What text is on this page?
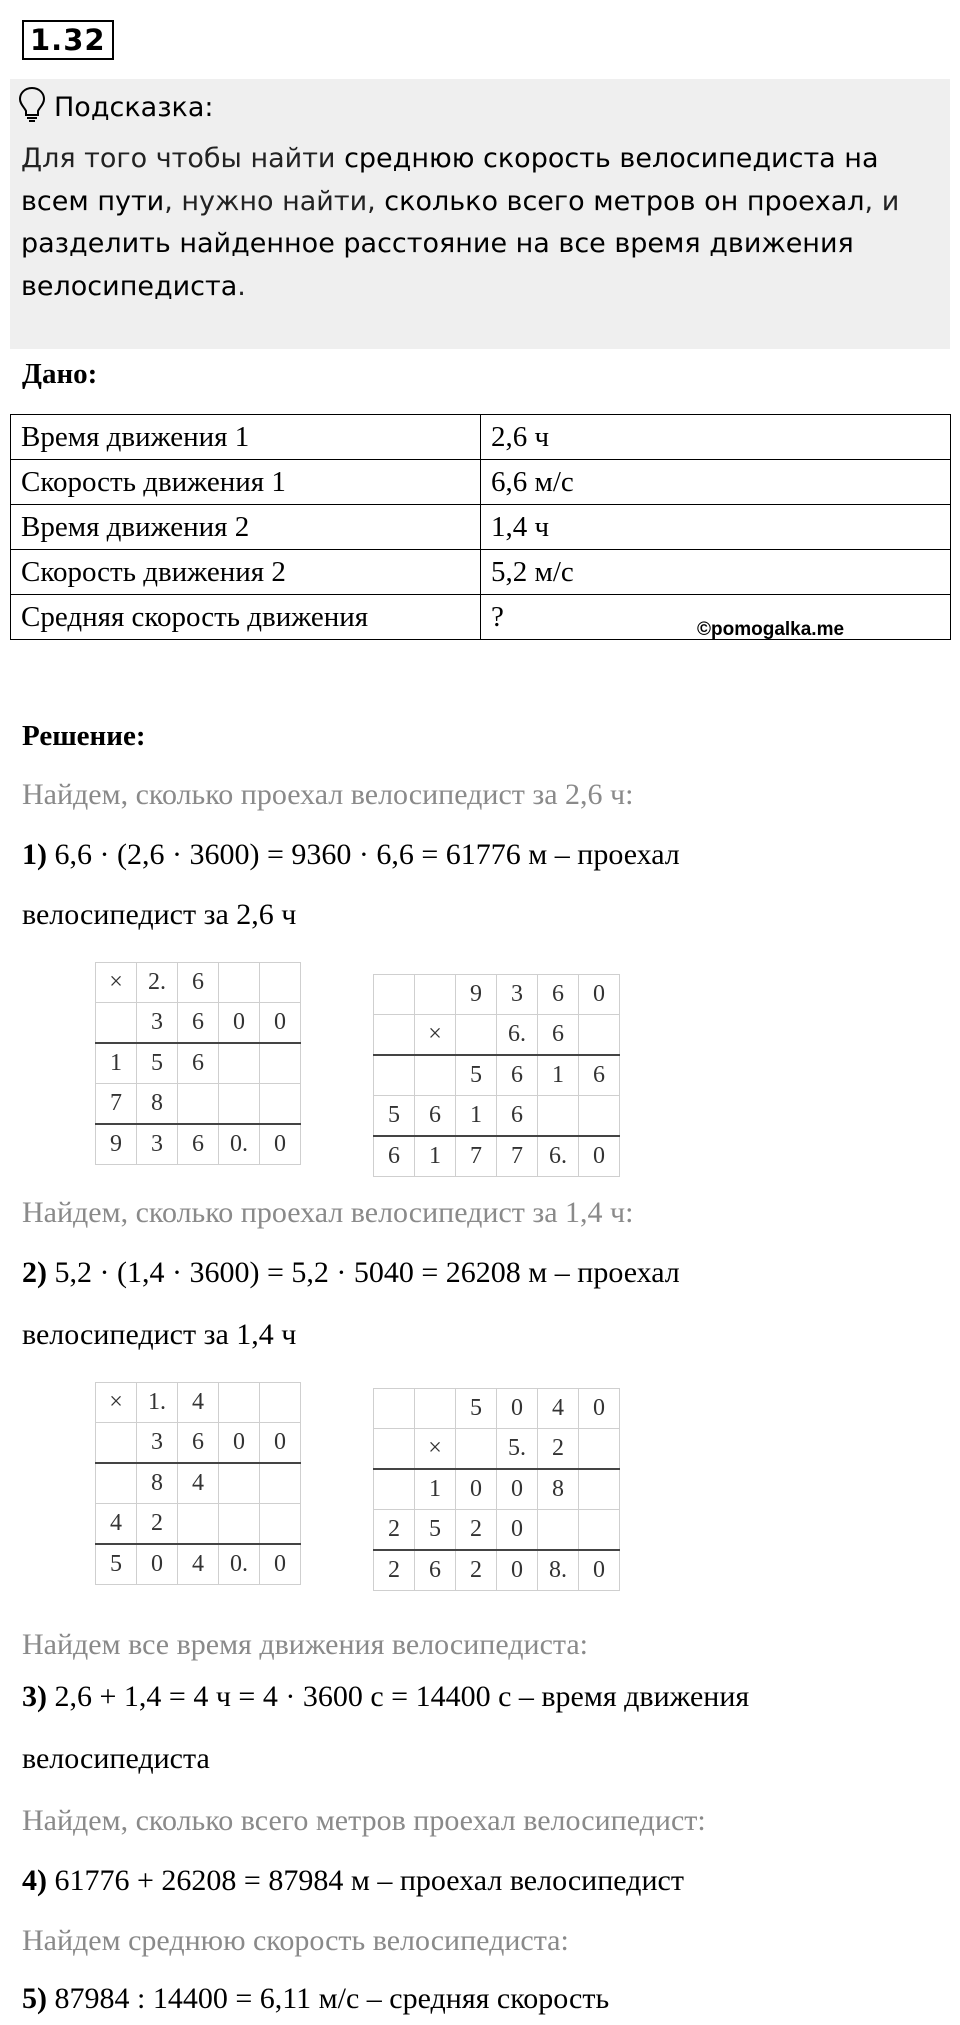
1.32
Подсказка:
Для того чтобы найти среднюю скорость велосипедиста на всем пути, нужно найти, сколько всего метров он проехал, и разделить найденное расстояние на все время движения велосипедиста.
Дано:
Время движения 1	2,6 ч
Скорость движения 1	6,6 м/с
Время движения 2	1,4 ч
Скорость движения 2	5,2 м/с
Средняя скорость движения	?	©pomogalka.me
Решение:
Найдем, сколько проехал велосипедист за 2,6 ч:
1) 6,6 · (2,6 · 3600) = 9360 · 6,6 = 61776 м – проехал
велосипедист за 2,6 ч
×	2.	6		
	3	6	0	0
1	5	6		
7	8			
9	3	6	0.	0
		9	3	6	0
	×		6.	6	
		5	6	1	6
5	6	1	6		
6	1	7	7	6.	0
Найдем, сколько проехал велосипедист за 1,4 ч:
2) 5,2 · (1,4 · 3600) = 5,2 · 5040 = 26208 м – проехал
велосипедист за 1,4 ч
×	1.	4		
	3	6	0	0
	8	4		
4	2			
5	0	4	0.	0
		5	0	4	0
	×		5.	2	
	1	0	0	8	
2	5	2	0		
2	6	2	0	8.	0
Найдем все время движения велосипедиста:
3) 2,6 + 1,4 = 4 ч = 4 · 3600 с = 14400 с – время движения
велосипедиста
Найдем, сколько всего метров проехал велосипедист:
4) 61776 + 26208 = 87984 м – проехал велосипедист
Найдем среднюю скорость велосипедиста:
5) 87984 : 14400 = 6,11 м/с – средняя скорость
